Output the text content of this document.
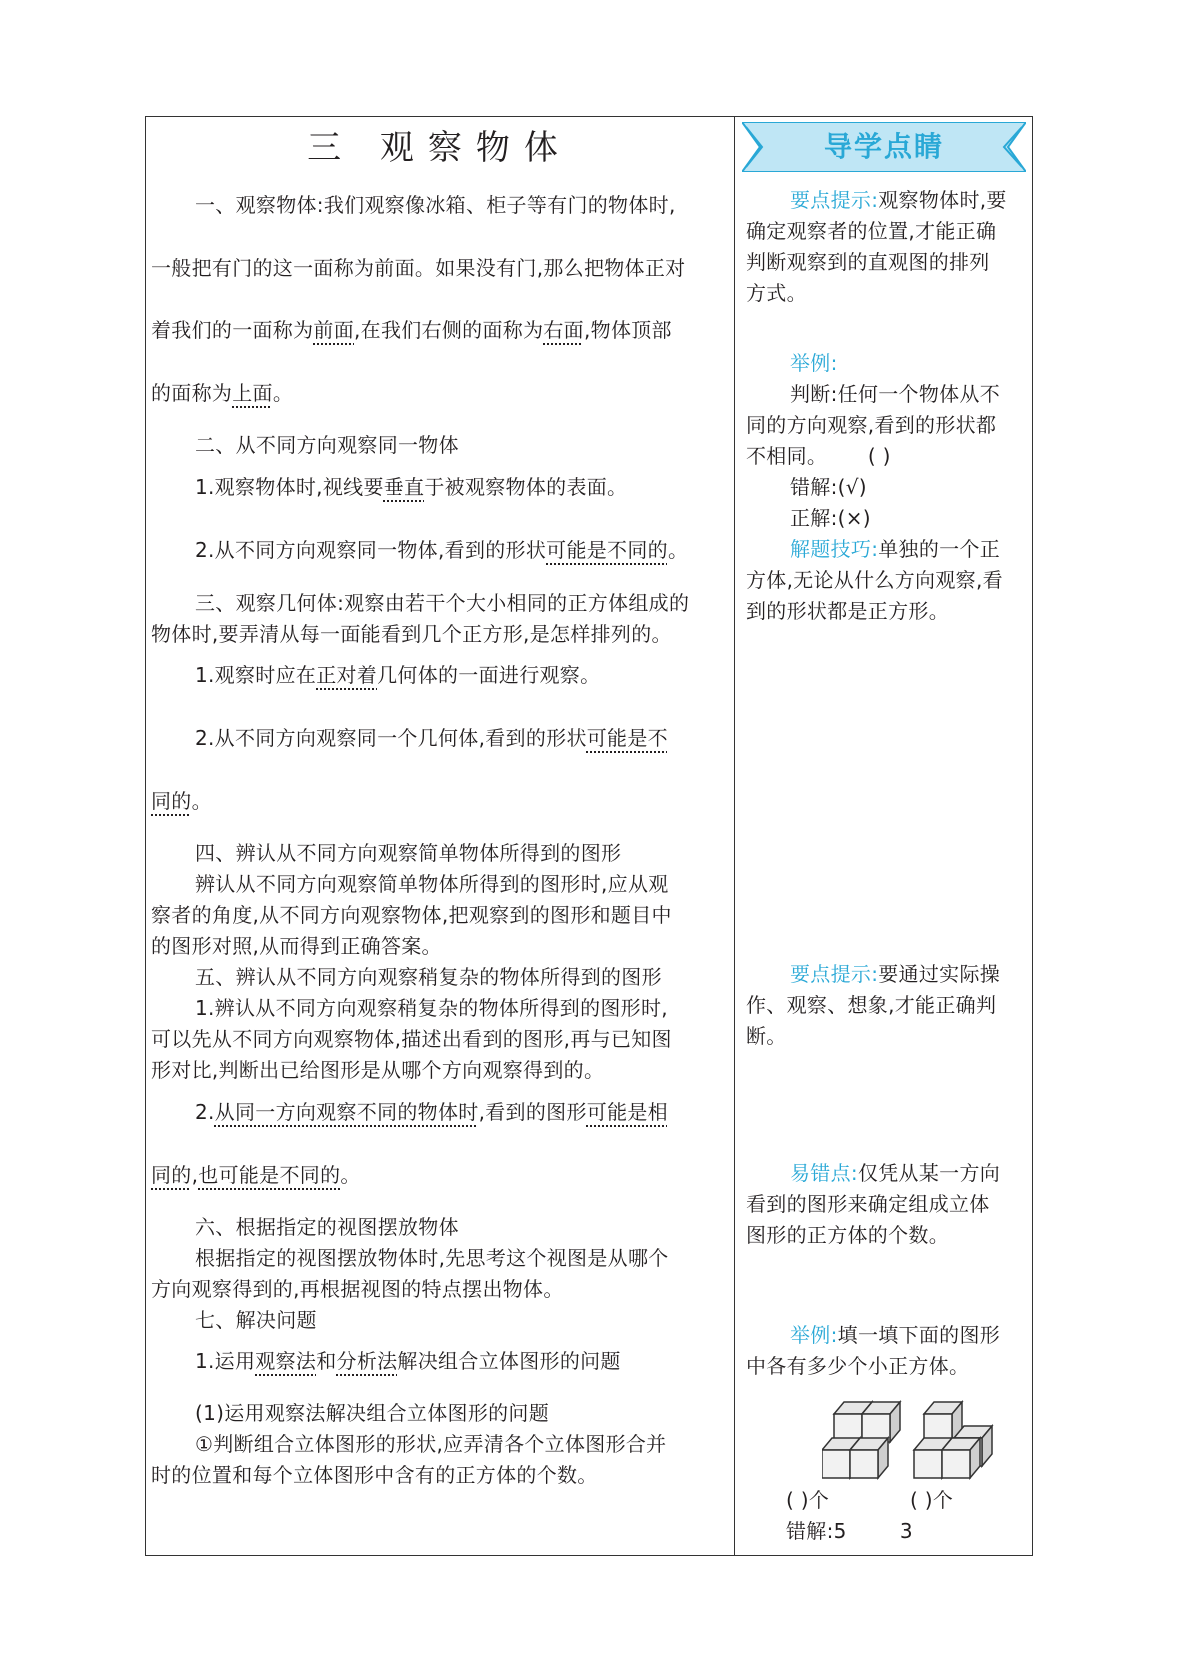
三 观察物体	导学点睛
一、观察物体:我们观察像冰箱、柜子等有门的物体时,
一般把有门的这一面称为前面。如果没有门,那么把物体正对
着我们的一面称为前面,在我们右侧的面称为右面,物体顶部
的面称为上面。
二、从不同方向观察同一物体
1.观察物体时,视线要垂直于被观察物体的表面。
2.从不同方向观察同一物体,看到的形状可能是不同的。
三、观察几何体:观察由若干个大小相同的正方体组成的
物体时,要弄清从每一面能看到几个正方形,是怎样排列的。
1.观察时应在正对着几何体的一面进行观察。
2.从不同方向观察同一个几何体,看到的形状可能是不
同的。
四、辨认从不同方向观察简单物体所得到的图形
辨认从不同方向观察简单物体所得到的图形时,应从观
察者的角度,从不同方向观察物体,把观察到的图形和题目中
的图形对照,从而得到正确答案。
五、辨认从不同方向观察稍复杂的物体所得到的图形
1.辨认从不同方向观察稍复杂的物体所得到的图形时,
可以先从不同方向观察物体,描述出看到的图形,再与已知图
形对比,判断出已给图形是从哪个方向观察得到的。
2.从同一方向观察不同的物体时,看到的图形可能是相
同的,也可能是不同的。
六、根据指定的视图摆放物体
根据指定的视图摆放物体时,先思考这个视图是从哪个
方向观察得到的,再根据视图的特点摆出物体。
七、解决问题
1.运用观察法和分析法解决组合立体图形的问题
(1)运用观察法解决组合立体图形的问题
①判断组合立体图形的形状,应弄清各个立体图形合并
时的位置和每个立体图形中含有的正方体的个数。
要点提示:观察物体时,要
确定观察者的位置,才能正确
判断观察到的直观图的排列
方式。
举例:
判断:任何一个物体从不
同的方向观察,看到的形状都
不相同。 ( )
错解:(√)
正解:(×)
解题技巧:单独的一个正
方体,无论从什么方向观察,看
到的形状都是正方形。
要点提示:要通过实际操
作、观察、想象,才能正确判
断。
易错点:仅凭从某一方向
看到的图形来确定组成立体
图形的正方体的个数。
举例:填一填下面的图形
中各有多少个小正方体。
( )个	( )个
错解:5        3
